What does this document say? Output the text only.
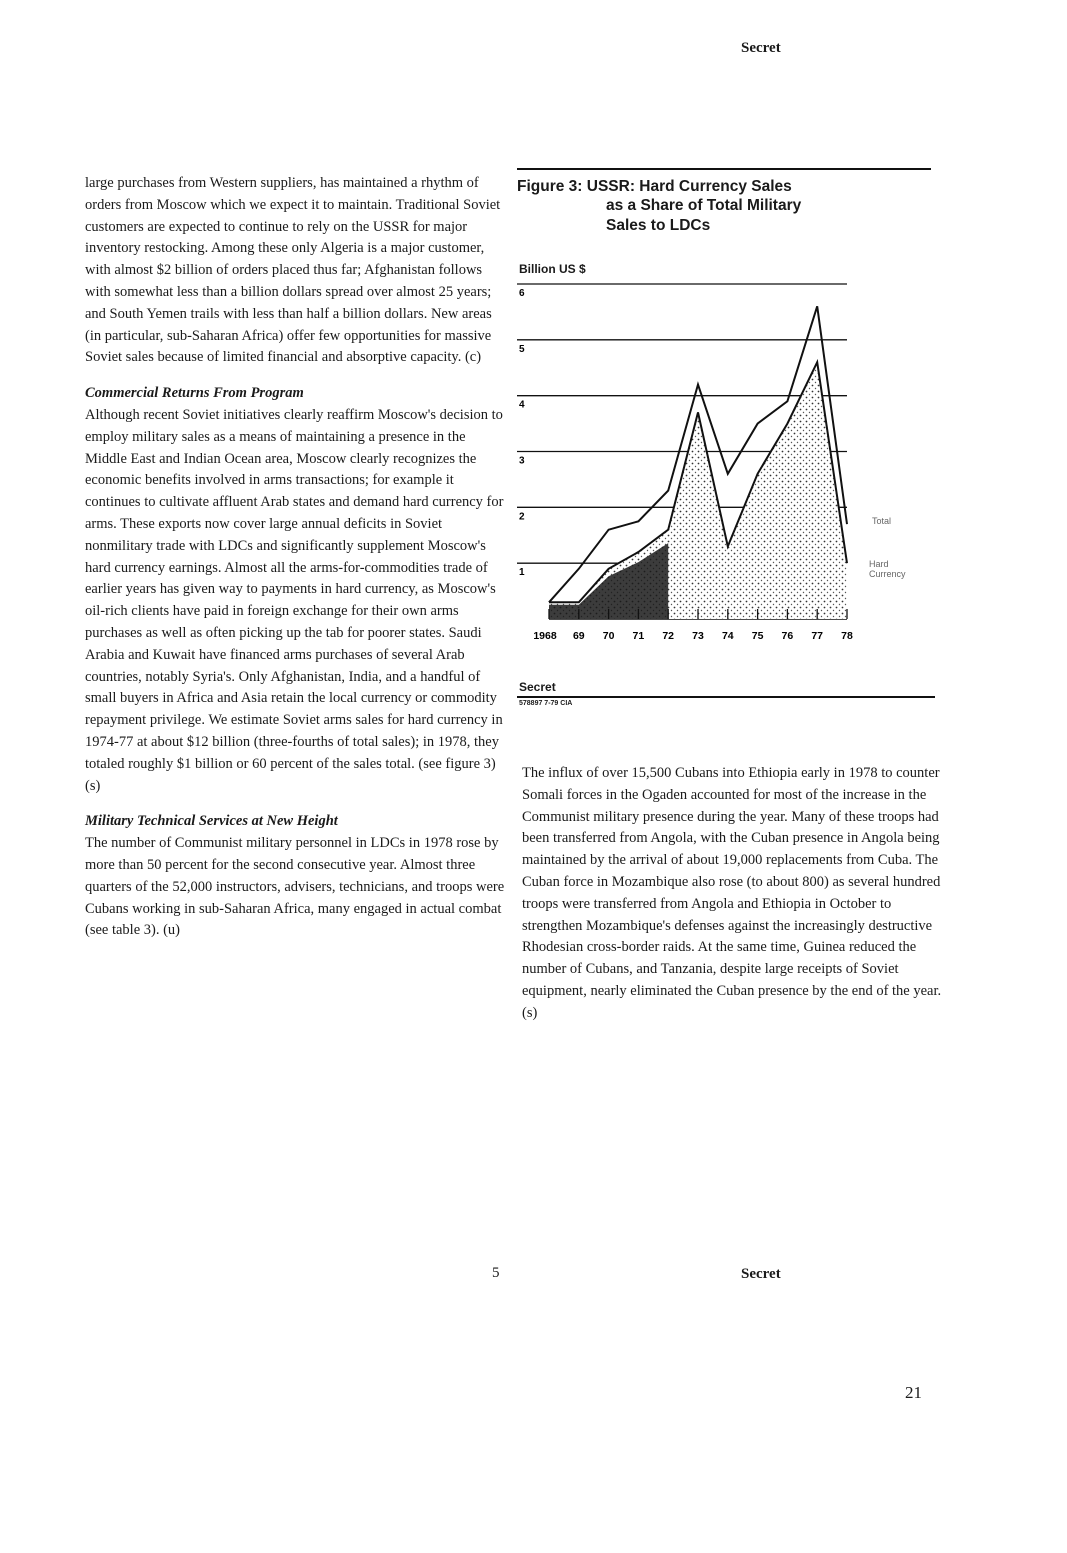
Secret

large purchases from Western suppliers, has maintained a rhythm of orders from Moscow which we expect it to maintain. Traditional Soviet customers are expected to continue to rely on the USSR for major inventory restocking. Among these only Algeria is a major customer, with almost $2 billion of orders placed thus far; Afghanistan follows with somewhat less than a billion dollars spread over almost 25 years; and South Yemen trails with less than half a billion dollars. New areas (in particular, sub-Saharan Africa) offer few opportunities for massive Soviet sales because of limited financial and absorptive capacity. (c)

Commercial Returns From Program

Although recent Soviet initiatives clearly reaffirm Moscow's decision to employ military sales as a means of maintaining a presence in the Middle East and Indian Ocean area, Moscow clearly recognizes the economic benefits involved in arms transactions; for example it continues to cultivate affluent Arab states and demand hard currency for arms. These exports now cover large annual deficits in Soviet nonmilitary trade with LDCs and significantly supplement Moscow's hard currency earnings. Almost all the arms-for-commodities trade of earlier years has given way to payments in hard currency, as Moscow's oil-rich clients have paid in foreign exchange for their own arms purchases as well as often picking up the tab for poorer states. Saudi Arabia and Kuwait have financed arms purchases of several Arab countries, notably Syria's. Only Afghanistan, India, and a handful of small buyers in Africa and Asia retain the local currency or commodity repayment privilege. We estimate Soviet arms sales for hard currency in 1974-77 at about $12 billion (three-fourths of total sales); in 1978, they totaled roughly $1 billion or 60 percent of the sales total. (see figure 3) (s)

Military Technical Services at New Height

The number of Communist military personnel in LDCs in 1978 rose by more than 50 percent for the second consecutive year. Almost three quarters of the 52,000 instructors, advisers, technicians, and troops were Cubans working in sub-Saharan Africa, many engaged in actual combat (see table 3). (u)

Figure 3: USSR: Hard Currency Sales
as a Share of Total Military
Sales to LDCs
Billion US $
6
5
4
3
2
1
1968 69 70 71 72 73 74 75 76 77 78
Total
Hard
Currency
Secret
578897 7-79 CIA

The influx of over 15,500 Cubans into Ethiopia early in 1978 to counter Somali forces in the Ogaden accounted for most of the increase in the Communist military presence during the year. Many of these troops had been transferred from Angola, with the Cuban presence in Angola being maintained by the arrival of about 19,000 replacements from Cuba. The Cuban force in Mozambique also rose (to about 800) as several hundred troops were transferred from Angola and Ethiopia in October to strengthen Mozambique's defenses against the increasingly destructive Rhodesian cross-border raids. At the same time, Guinea reduced the number of Cubans, and Tanzania, despite large receipts of Soviet equipment, nearly eliminated the Cuban presence by the end of the year. (s)

5	Secret
21
